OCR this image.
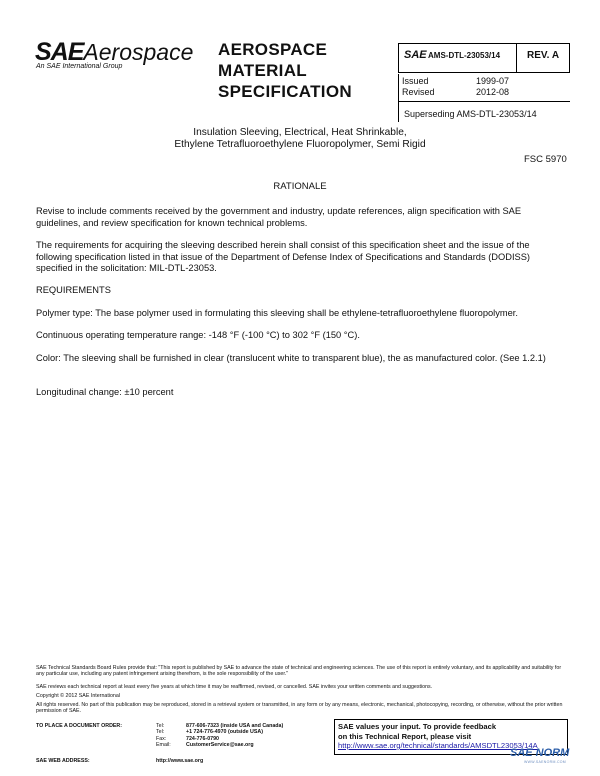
SAEAerospace
An SAE International Group
AEROSPACE
MATERIAL
SPECIFICATION
SAE AMS-DTL-23053/14	REV. A
Issued	1999-07
Revised	2012-08
Superseding AMS-DTL-23053/14
Insulation Sleeving, Electrical, Heat Shrinkable,
Ethylene Tetrafluoroethylene Fluoropolymer, Semi Rigid
FSC 5970
RATIONALE
Revise to include comments received by the government and industry, update references, align specification with SAE guidelines, and review specification for known technical problems.
The requirements for acquiring the sleeving described herein shall consist of this specification sheet and the issue of the following specification listed in that issue of the Department of Defense Index of Specifications and Standards (DODISS) specified in the solicitation: MIL-DTL-23053.
REQUIREMENTS
Polymer type: The base polymer used in formulating this sleeving shall be ethylene-tetrafluoroethylene fluoropolymer.
Continuous operating temperature range: -148 °F (-100 °C) to 302 °F (150 °C).
Color: The sleeving shall be furnished in clear (translucent white to transparent blue), the as manufactured color. (See 1.2.1)
Longitudinal change: ±10 percent
SAE Technical Standards Board Rules provide that: "This report is published by SAE to advance the state of technical and engineering sciences. The use of this report is entirely voluntary, and its applicability and suitability for any particular use, including any patent infringement arising therefrom, is the sole responsibility of the user."
SAE reviews each technical report at least every five years at which time it may be reaffirmed, revised, or cancelled. SAE invites your written comments and suggestions.
Copyright © 2012 SAE International
All rights reserved. No part of this publication may be reproduced, stored in a retrieval system or transmitted, in any form or by any means, electronic, mechanical, photocopying, recording, or otherwise, without the prior written permission of SAE.
TO PLACE A DOCUMENT ORDER:	Tel:	877-606-7323 (inside USA and Canada)
Tel:	+1 724-776-4970 (outside USA)
Fax:	724-776-0790
Email:	CustomerService@sae.org
SAE WEB ADDRESS:	http://www.sae.org
SAE values your input. To provide feedback
on this Technical Report, please visit
http://www.sae.org/technical/standards/AMSDTL23053/14A
SAE NORM
WWW.SAENORM.COM
